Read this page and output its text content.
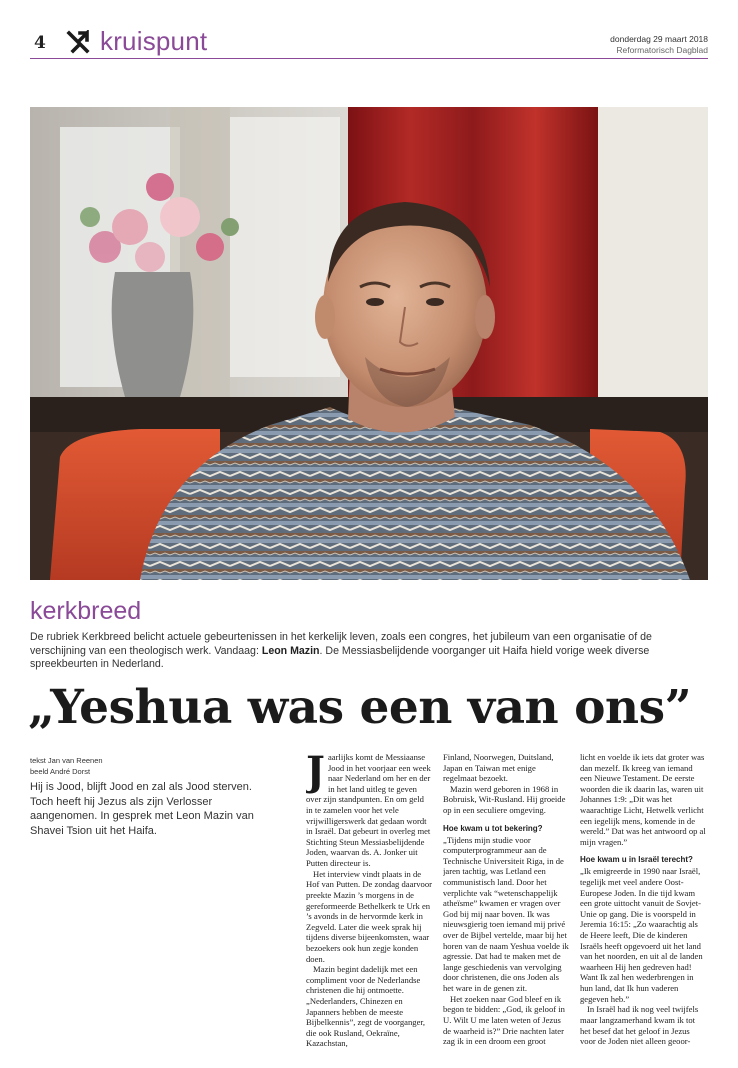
4 kruispunt	donderdag 29 maart 2018
Reformatorisch Dagblad
kerkbreed
De rubriek Kerkbreed belicht actuele gebeurtenissen in het kerkelijk leven, zoals een congres, het jubileum van een organisatie of de verschijning van een theologisch werk. Vandaag: Leon Mazin. De Messiasbelijdende voorganger uit Haifa hield vorige week diverse spreekbeurten in Nederland.
„Yeshua was een van ons”
tekst Jan van Reenen
beeld André Dorst
Hij is Jood, blijft Jood en zal als Jood sterven. Toch heeft hij Jezus als zijn Verlosser aangenomen. In gesprek met Leon Mazin van Shavei Tsion uit het Haifa.
J aarlijks komt de Messiaanse Jood in het voorjaar een week naar Nederland om her en der in het land uitleg te geven over zijn standpunten. En om geld in te zamelen voor het vele vrijwilligerswerk dat gedaan wordt in Israël. Dat gebeurt in overleg met Stichting Steun Messiasbelijdende Joden, waarvan ds. A. Jonker uit Putten directeur is.

Het interview vindt plaats in de Hof van Putten. De zondag daarvoor preekte Mazin ’s morgens in de gereformeerde Bethelkerk te Urk en ’s avonds in de hervormde kerk in Zegveld. Later die week sprak hij tijdens diverse bijeenkomsten, waar bezoekers ook hun zegje konden doen.

Mazin begint dadelijk met een compliment voor de Nederlandse christenen die hij ontmoette. „Nederlanders, Chinezen en Japanners hebben de meeste Bijbelkennis”, zegt de voorganger, die ook Rusland, Oekraïne, Kazachstan,

Finland, Noorwegen, Duitsland, Japan en Taiwan met enige regelmaat bezoekt.

Mazin werd geboren in 1968 in Bobruisk, Wit-Rusland. Hij groeide op in een seculiere omgeving.

Hoe kwam u tot bekering?

„Tijdens mijn studie voor computerprogrammeur aan de Technische Universiteit Riga, in de jaren tachtig, was Letland een communistisch land. Door het verplichte vak “wetenschappelijk atheïsme” kwamen er vragen over God bij mij naar boven. Ik was nieuwsgierig toen iemand mij privé over de Bijbel vertelde, maar bij het horen van de naam Yeshua voelde ik agressie. Dat had te maken met de lange geschiedenis van vervolging door christenen, die ons Joden als het ware in de genen zit.

Het zoeken naar God bleef en ik begon te bidden: „God, ik geloof in U. Wilt U me laten weten of Jezus de waarheid is?” Drie nachten later zag ik in een droom een groot

licht en voelde ik iets dat groter was dan mezelf. Ik kreeg van iemand een Nieuwe Testament. De eerste woorden die ik daarin las, waren uit Johannes 1:9: „Dit was het waarachtige Licht, Hetwelk verlicht een iegelijk mens, komende in de wereld.” Dat was het antwoord op al mijn vragen.”

Hoe kwam u in Israël terecht?

„Ik emigreerde in 1990 naar Israël, tegelijk met veel andere Oost-Europese Joden. In die tijd kwam een grote uittocht vanuit de Sovjet-Unie op gang. Die is voorspeld in Jeremia 16:15: „Zo waarachtig als de Heere leeft, Die de kinderen Israëls heeft opgevoerd uit het land van het noorden, en uit al de landen waarheen Hij hen gedreven had! Want Ik zal hen wederbrengen in hun land, dat Ik hun vaderen gegeven heb.”

In Israël had ik nog veel twijfels maar langzamerhand kwam ik tot het besef dat het geloof in Jezus voor de Joden niet alleen geoor-
